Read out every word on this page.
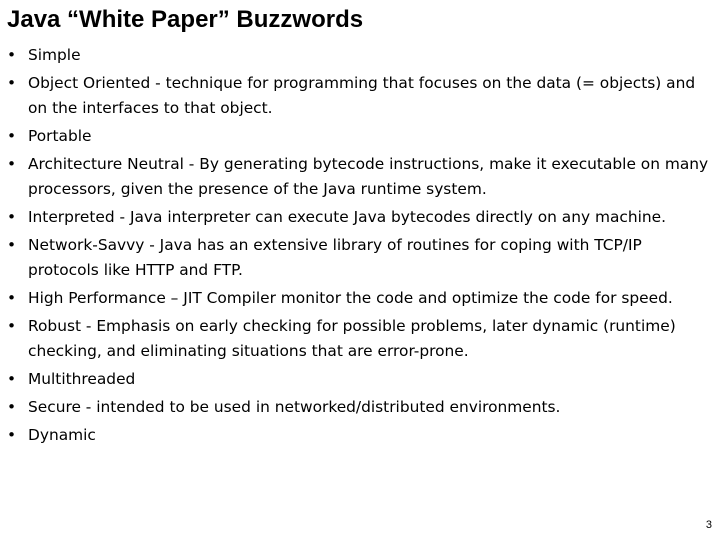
Java “White Paper” Buzzwords
• Simple
• Object Oriented - technique for programming that focuses on the data (= objects) and on the interfaces to that object.
• Portable
• Architecture Neutral - By generating bytecode instructions, make it executable on many processors, given the presence of the Java runtime system.
• Interpreted - Java interpreter can execute Java bytecodes directly on any machine.
• Network-Savvy - Java has an extensive library of routines for coping with TCP/IP protocols like HTTP and FTP.
• High Performance – JIT Compiler monitor the code and optimize the code for speed.
• Robust - Emphasis on early checking for possible problems, later dynamic (runtime) checking, and eliminating situations that are error-prone.
• Multithreaded
• Secure - intended to be used in networked/distributed environments.
• Dynamic
3
